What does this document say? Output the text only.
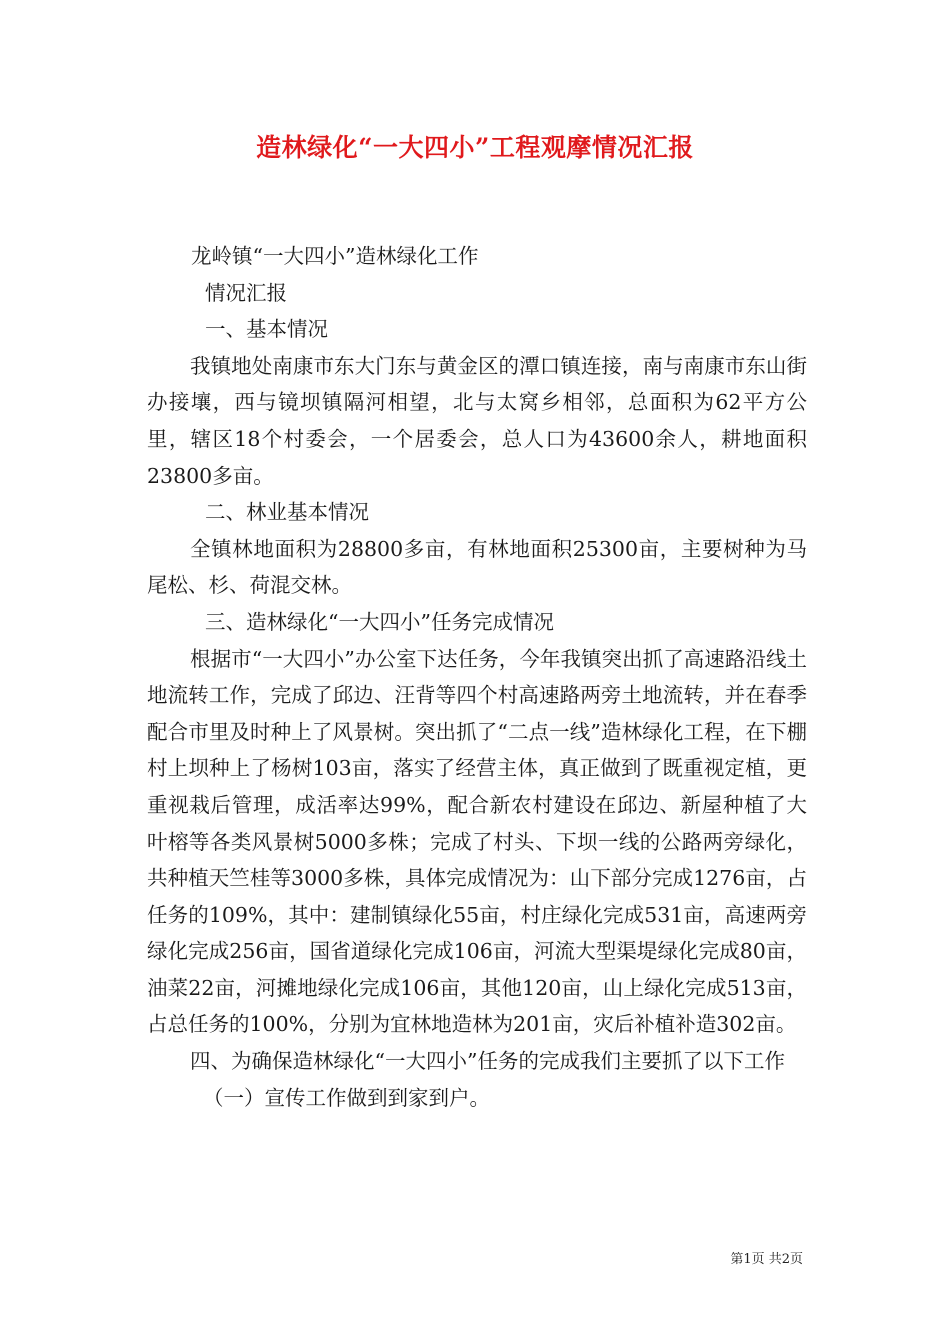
造林绿化“一大四小”工程观摩情况汇报

龙岭镇“一大四小”造林绿化工作

情况汇报

一、基本情况

我镇地处南康市东大门东与黄金区的潭口镇连接，南与南康市东山街办接壤，西与镜坝镇隔河相望，北与太窝乡相邻，总面积为62平方公里，辖区18个村委会，一个居委会，总人口为43600余人，耕地面积23800多亩。

二、林业基本情况

全镇林地面积为28800多亩，有林地面积25300亩，主要树种为马尾松、杉、荷混交林。

三、造林绿化“一大四小”任务完成情况

根据市“一大四小”办公室下达任务，今年我镇突出抓了高速路沿线土地流转工作，完成了邱边、汪背等四个村高速路两旁土地流转，并在春季配合市里及时种上了风景树。突出抓了“二点一线”造林绿化工程，在下棚村上坝种上了杨树103亩，落实了经营主体，真正做到了既重视定植，更重视栽后管理，成活率达99%，配合新农村建设在邱边、新屋种植了大叶榕等各类风景树5000多株；完成了村头、下坝一线的公路两旁绿化，共种植天竺桂等3000多株，具体完成情况为：山下部分完成1276亩，占任务的109%，其中：建制镇绿化55亩，村庄绿化完成531亩，高速两旁绿化完成256亩，国省道绿化完成106亩，河流大型渠堤绿化完成80亩，油菜22亩，河摊地绿化完成106亩，其他120亩，山上绿化完成513亩，占总任务的100%，分别为宜林地造林为201亩，灾后补植补造302亩。

四、为确保造林绿化“一大四小”任务的完成我们主要抓了以下工作

（一）宣传工作做到到家到户。

第1页 共2页
